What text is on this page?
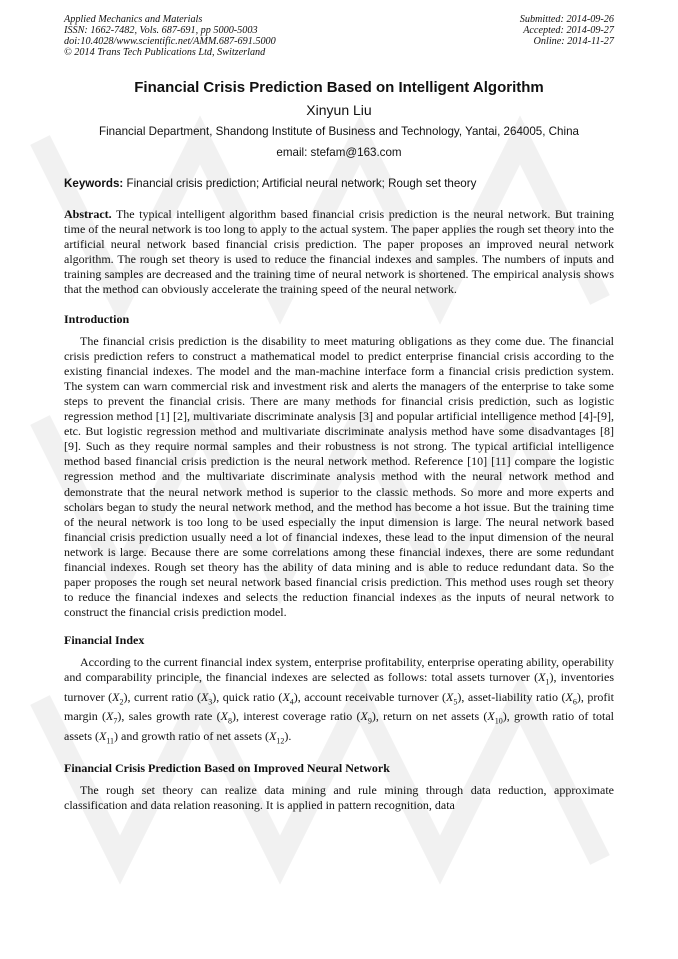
Applied Mechanics and Materials
ISSN: 1662-7482, Vols. 687-691, pp 5000-5003
doi:10.4028/www.scientific.net/AMM.687-691.5000
© 2014 Trans Tech Publications Ltd, Switzerland
Submitted: 2014-09-26
Accepted: 2014-09-27
Online: 2014-11-27
Financial Crisis Prediction Based on Intelligent Algorithm
Xinyun Liu
Financial Department, Shandong Institute of Business and Technology, Yantai, 264005, China
email: stefam@163.com
Keywords: Financial crisis prediction; Artificial neural network; Rough set theory

Abstract. The typical intelligent algorithm based financial crisis prediction is the neural network. But training time of the neural network is too long to apply to the actual system. The paper applies the rough set theory into the artificial neural network based financial crisis prediction. The paper proposes an improved neural network algorithm. The rough set theory is used to reduce the financial indexes and samples. The numbers of inputs and training samples are decreased and the training time of neural network is shortened. The empirical analysis shows that the method can obviously accelerate the training speed of the neural network.

Introduction

The financial crisis prediction is the disability to meet maturing obligations as they come due. The financial crisis prediction refers to construct a mathematical model to predict enterprise financial crisis according to the existing financial indexes. The model and the man-machine interface form a financial crisis prediction system. The system can warn commercial risk and investment risk and alerts the managers of the enterprise to take some steps to prevent the financial crisis. There are many methods for financial crisis prediction, such as logistic regression method [1] [2], multivariate discriminate analysis [3] and popular artificial intelligence method [4]-[9], etc. But logistic regression method and multivariate discriminate analysis method have some disadvantages [8] [9]. Such as they require normal samples and their robustness is not strong. The typical artificial intelligence method based financial crisis prediction is the neural network method. Reference [10] [11] compare the logistic regression method and the multivariate discriminate analysis method with the neural network method and demonstrate that the neural network method is superior to the classic methods. So more and more experts and scholars began to study the neural network method, and the method has become a hot issue. But the training time of the neural network is too long to be used especially the input dimension is large. The neural network based financial crisis prediction usually need a lot of financial indexes, these lead to the input dimension of the neural network is large. Because there are some correlations among these financial indexes, there are some redundant financial indexes. Rough set theory has the ability of data mining and is able to reduce redundant data. So the paper proposes the rough set neural network based financial crisis prediction. This method uses rough set theory to reduce the financial indexes and selects the reduction financial indexes as the inputs of neural network to construct the financial crisis prediction model.

Financial Index

According to the current financial index system, enterprise profitability, enterprise operating ability, operability and comparability principle, the financial indexes are selected as follows: total assets turnover $(X_1)$, inventories turnover $(X_2)$, current ratio $(X_3)$, quick ratio $(X_4)$, account receivable turnover $(X_5)$, asset-liability ratio $(X_6)$, profit margin $(X_7)$, sales growth rate $(X_8)$, interest coverage ratio $(X_9)$, return on net assets $(X_{10})$, growth ratio of total assets $(X_{11})$ and growth ratio of net assets $(X_{12})$.

Financial Crisis Prediction Based on Improved Neural Network

The rough set theory can realize data mining and rule mining through data reduction, approximate classification and data relation reasoning. It is applied in pattern recognition, data
